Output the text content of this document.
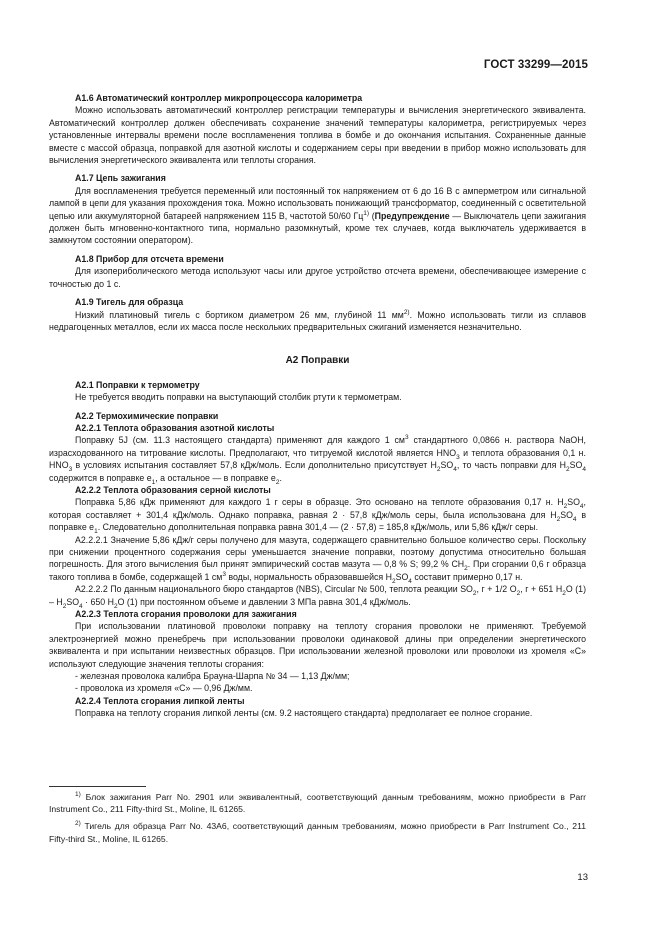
ГОСТ 33299—2015

A1.6 Автоматический контроллер микропроцессора калориметра

Можно использовать автоматический контроллер регистрации температуры и вычисления энергетического эквивалента. Автоматический контроллер должен обеспечивать сохранение значений температуры калориметра, регистрируемых через установленные интервалы времени после воспламенения топлива в бомбе и до окончания испытания. Сохраненные данные вместе с массой образца, поправкой для азотной кислоты и содержанием серы при введении в прибор можно использовать для вычисления энергетического эквивалента или теплоты сгорания.

A1.7 Цепь зажигания

Для воспламенения требуется переменный или постоянный ток напряжением от 6 до 16 В с амперметром или сигнальной лампой в цепи для указания прохождения тока. Можно использовать понижающий трансформатор, соединенный с осветительной цепью или аккумуляторной батареей напряжением 115 В, частотой 50/60 $Гц^{1)}$ (Предупреждение — Выключатель цепи зажигания должен быть мгновенно-контактного типа, нормально разомкнутый, кроме тех случаев, когда выключатель удерживается в замкнутом состоянии оператором).

A1.8 Прибор для отсчета времени

Для изопериболического метода используют часы или другое устройство отсчета времени, обеспечивающее измерение с точностью до 1 с.

A1.9 Тигель для образца

Низкий платиновый тигель с бортиком диаметром 26 мм, глубиной 11 $мм^{2)}$. Можно использовать тигли из сплавов недрагоценных металлов, если их масса после нескольких предварительных сжиганий изменяется незначительно.

A2 Поправки

A2.1 Поправки к термометру

Не требуется вводить поправки на выступающий столбик ртути к термометрам.

A2.2 Термохимические поправки

A2.2.1 Теплота образования азотной кислоты

Поправку 5J (см. 11.3 настоящего стандарта) применяют для каждого 1 $см^3$ стандартного 0,0866 н. раствора NaOH, израсходованного на титрование кислоты. Предполагают, что титруемой кислотой является $HNO_3$ и теплота образования 0,1 н. $HNO_3$ в условиях испытания составляет 57,8 кДж/моль. Если дополнительно присутствует $H_2SO_4$, то часть поправки для $H_2SO_4$ содержится в поправке $e_1$, а остальное — в поправке $e_2$.

A2.2.2 Теплота образования серной кислоты

Поправка 5,86 кДж применяют для каждого 1 г серы в образце. Это основано на теплоте образования 0,17 н. $H_2SO_4$, которая составляет + 301,4 кДж/моль. Однако поправка, равная 2 · 57,8 кДж/моль серы, была использована для $H_2SO_4$ в поправке $e_1$. Следовательно дополнительная поправка равна 301,4 — (2 · 57,8) = 185,8 кДж/моль, или 5,86 кДж/г серы.

A2.2.2.1 Значение 5,86 кДж/г серы получено для мазута, содержащего сравнительно большое количество серы. Поскольку при снижении процентного содержания серы уменьшается значение поправки, поэтому допустима относительно большая погрешность. Для этого вычисления был принят эмпирический состав мазута — 0,8 % S; 99,2 % $CH_2$. При сгорании 0,6 г образца такого топлива в бомбе, содержащей 1 $см^3$ воды, нормальность образовавшейся $H_2SO_4$ составит примерно 0,17 н.

A2.2.2.2 По данным национального бюро стандартов (NBS), Circular № 500, теплота реакции $SO_2$, г + 1/2 $O_2$, г + 651 $H_2O$ $(1) - H_2SO_4 \cdot 650$ $H_2O$ (1) при постоянном объеме и давлении 3 МПа равна 301,4 кДж/моль.

A2.2.3 Теплота сгорания проволоки для зажигания

При использовании платиновой проволоки поправку на теплоту сгорания проволоки не применяют. Требуемой электроэнергией можно пренебречь при использовании проволоки одинаковой длины при определении энергетического эквивалента и при испытании неизвестных образцов. При использовании железной проволоки или проволоки из хромеля «С» используют следующие значения теплоты сгорания:

- железная проволока калибра Брауна-Шарпа № 34 — 1,13 Дж/мм;

- проволока из хромеля «С» — 0,96 Дж/мм.

A2.2.4 Теплота сгорания липкой ленты

Поправка на теплоту сгорания липкой ленты (см. 9.2 настоящего стандарта) предполагает ее полное сгорание.

$^{1)}$ Блок зажигания Parr No. 2901 или эквивалентный, соответствующий данным требованиям, можно приобрести в Parr Instrument Co., 211 Fifty-third St., Moline, IL 61265.

$^{2)}$ Тигель для образца Parr No. 43A6, соответствующий данным требованиям, можно приобрести в Parr Instrument Co., 211 Fifty-third St., Moline, IL 61265.

13
